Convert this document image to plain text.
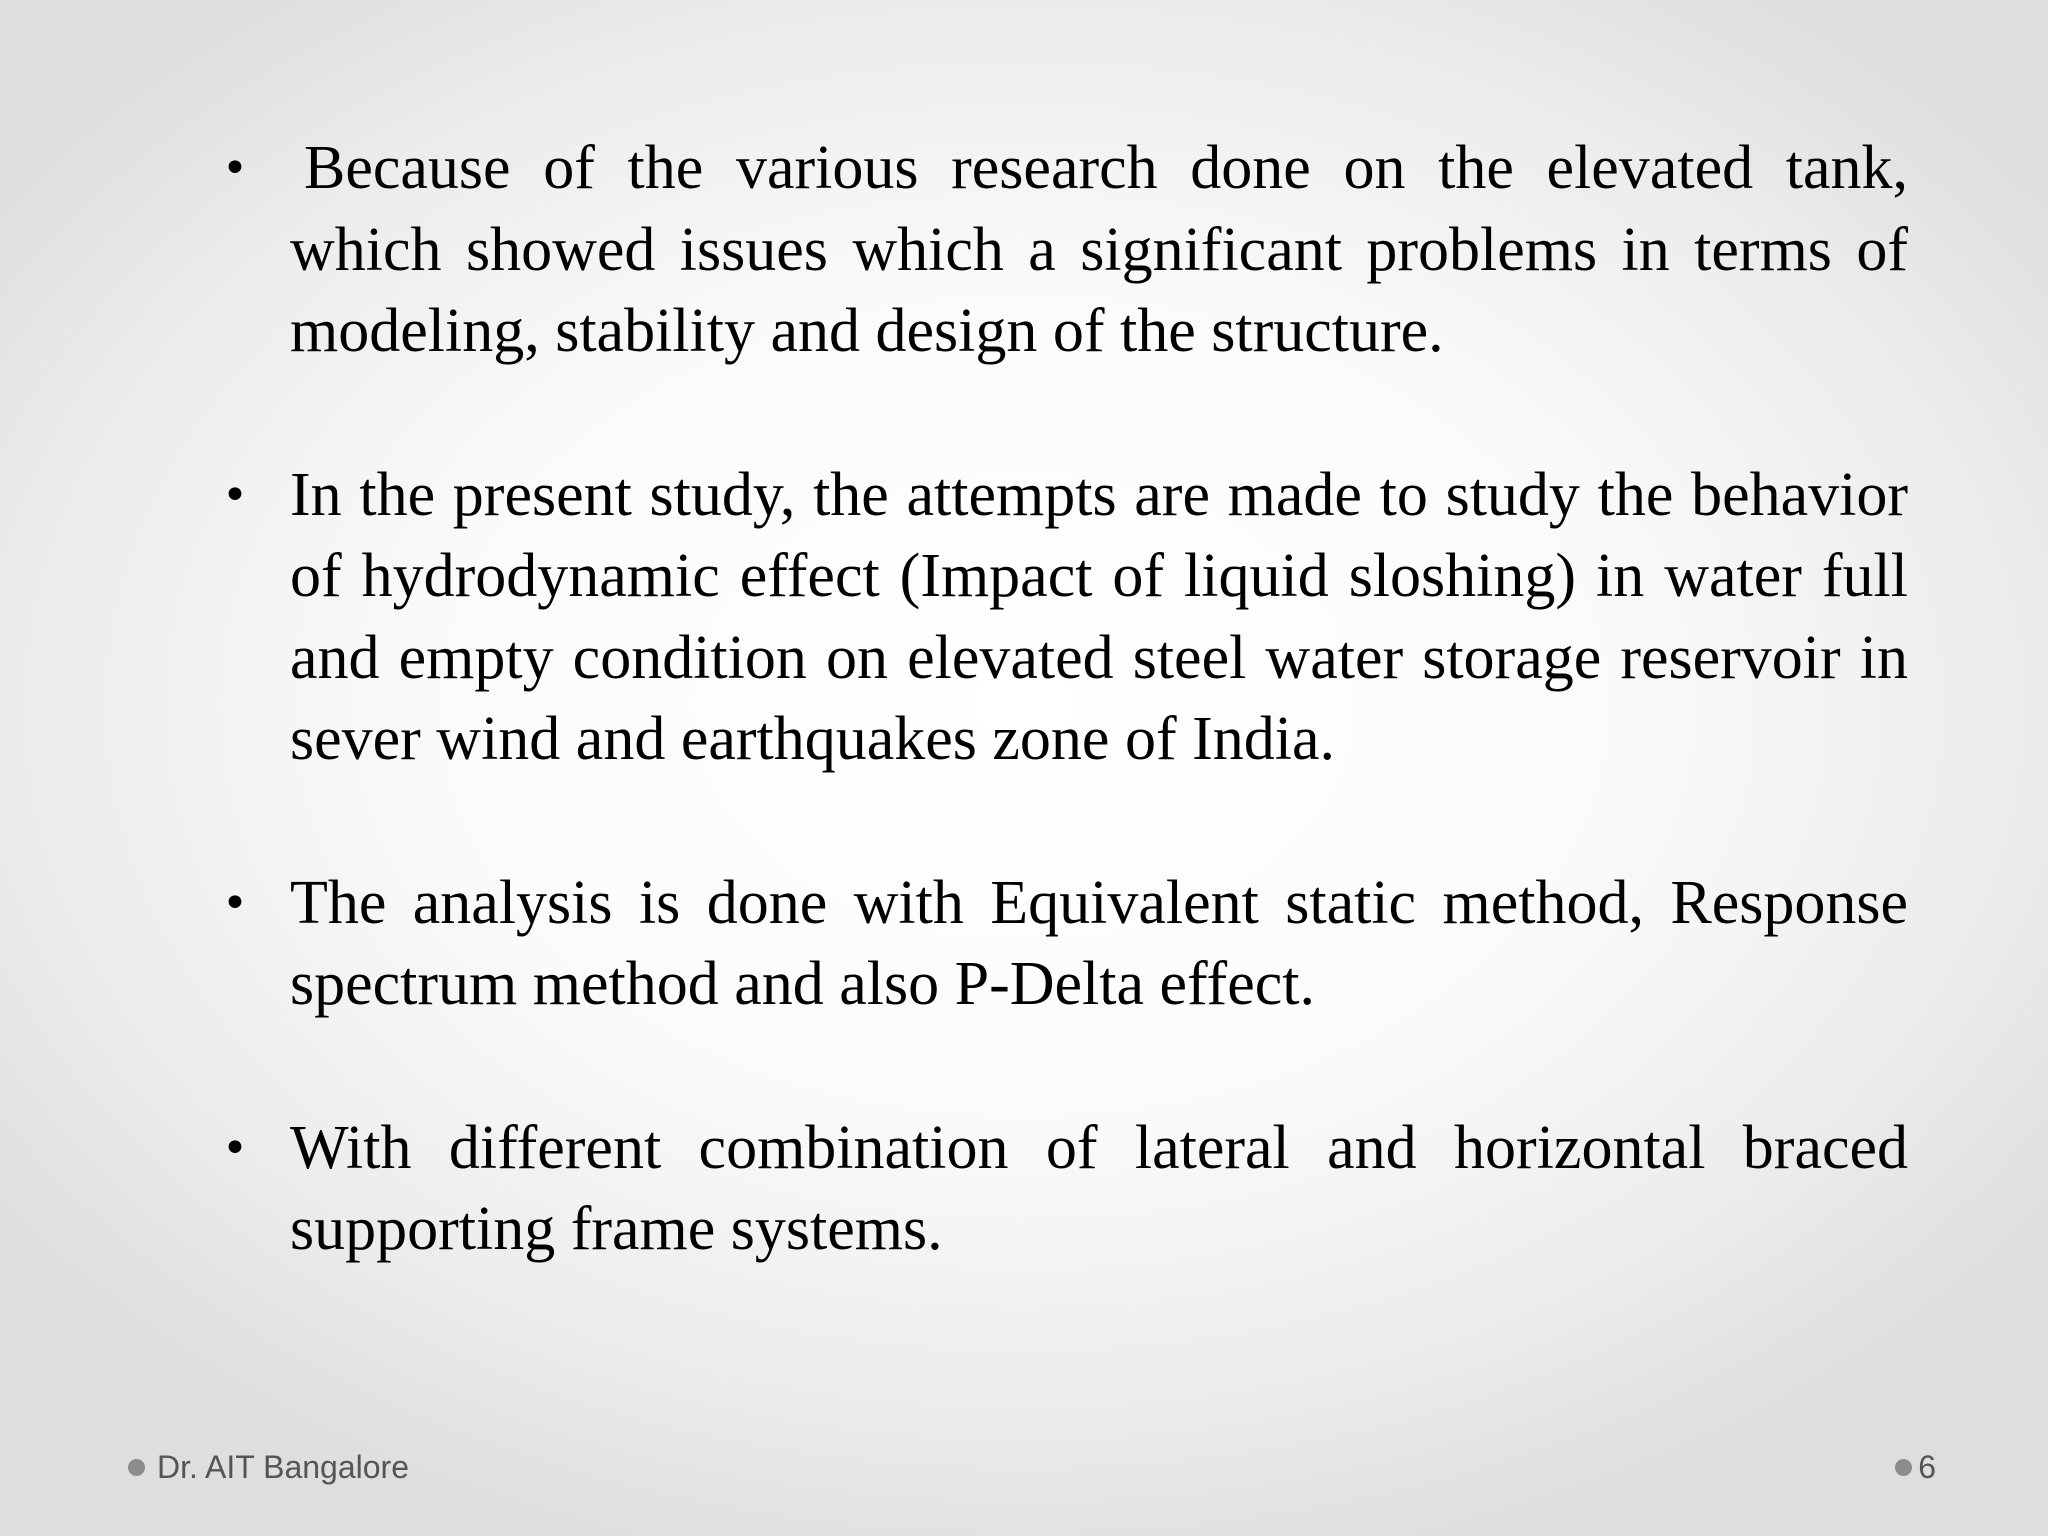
• Because of the various research done on the elevated tank, which showed issues which a significant problems in terms of modeling, stability and design of the structure.
• In the present study, the attempts are made to study the behavior of hydrodynamic effect (Impact of liquid sloshing) in water full and empty condition on elevated steel water storage reservoir in sever wind and earthquakes zone of India.
• The analysis is done with Equivalent static method, Response spectrum method and also P-Delta effect.
• With different combination of lateral and horizontal braced supporting frame systems.
Dr. AIT Bangalore	6
